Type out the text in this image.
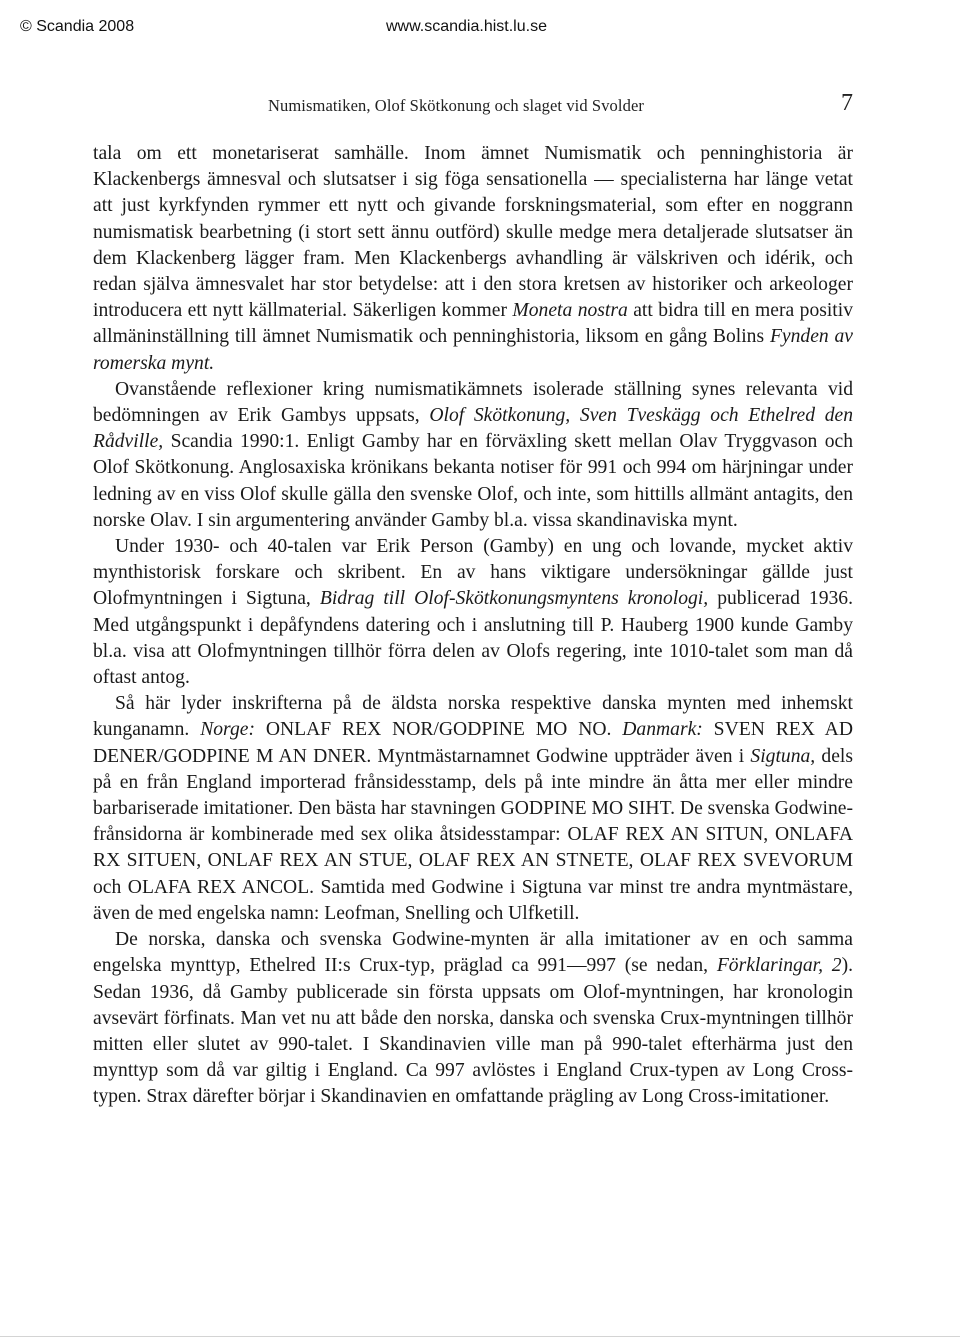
© Scandia 2008	www.scandia.hist.lu.se
Numismatiken, Olof Skötkonung och slaget vid Svolder	7

tala om ett monetariserat samhälle. Inom ämnet Numismatik och penninghistoria är Klackenbergs ämnesval och slutsatser i sig föga sensationella — specialisterna har länge vetat att just kyrkfynden rymmer ett nytt och givande forskningsmaterial, som efter en noggrann numismatisk bearbetning (i stort sett ännu outförd) skulle medge mera detaljerade slutsatser än dem Klackenberg lägger fram. Men Klackenbergs avhandling är välskriven och idérik, och redan själva ämnesvalet har stor betydelse: att i den stora kretsen av historiker och arkeologer introducera ett nytt källmaterial. Säkerligen kommer Moneta nostra att bidra till en mera positiv allmäninställning till ämnet Numismatik och penninghistoria, liksom en gång Bolins Fynden av romerska mynt.

Ovanstående reflexioner kring numismatikämnets isolerade ställning synes relevanta vid bedömningen av Erik Gambys uppsats, Olof Skötkonung, Sven Tveskägg och Ethelred den Rådville, Scandia 1990:1. Enligt Gamby har en förväxling skett mellan Olav Tryggvason och Olof Skötkonung. Anglosaxiska krönikans bekanta notiser för 991 och 994 om härjningar under ledning av en viss Olof skulle gälla den svenske Olof, och inte, som hittills allmänt antagits, den norske Olav. I sin argumentering använder Gamby bl.a. vissa skandinaviska mynt.

Under 1930- och 40-talen var Erik Person (Gamby) en ung och lovande, mycket aktiv mynthistorisk forskare och skribent. En av hans viktigare undersökningar gällde just Olofmyntningen i Sigtuna, Bidrag till Olof-Skötkonungsmyntens kronologi, publicerad 1936. Med utgångspunkt i depåfyndens datering och i anslutning till P. Hauberg 1900 kunde Gamby bl.a. visa att Olofmyntningen tillhör förra delen av Olofs regering, inte 1010-talet som man då oftast antog.

Så här lyder inskrifterna på de äldsta norska respektive danska mynten med inhemskt kunganamn. Norge: ONLAF REX NOR/GODPINE MO NO. Danmark: SVEN REX AD DENER/GODPINE M AN DNER. Myntmästarnamnet Godwine uppträder även i Sigtuna, dels på en från England importerad frånsidesstamp, dels på inte mindre än åtta mer eller mindre barbariserade imitationer. Den bästa har stavningen GODPINE MO SIHT. De svenska Godwine-frånsidorna är kombinerade med sex olika åtsidesstampar: OLAF REX AN SITUN, ONLAFA RX SITUEN, ONLAF REX AN STUE, OLAF REX AN STNETE, OLAF REX SVEVORUM och OLAFA REX ANCOL. Samtida med Godwine i Sigtuna var minst tre andra myntmästare, även de med engelska namn: Leofman, Snelling och Ulfketill.

De norska, danska och svenska Godwine-mynten är alla imitationer av en och samma engelska mynttyp, Ethelred II:s Crux-typ, präglad ca 991—997 (se nedan, Förklaringar, 2). Sedan 1936, då Gamby publicerade sin första uppsats om Olof-myntningen, har kronologin avsevärt förfinats. Man vet nu att både den norska, danska och svenska Crux-myntningen tillhör mitten eller slutet av 990-talet. I Skandinavien ville man på 990-talet efterhärma just den mynttyp som då var giltig i England. Ca 997 avlöstes i England Crux-typen av Long Cross-typen. Strax därefter börjar i Skandinavien en omfattande prägling av Long Cross-imitationer.
